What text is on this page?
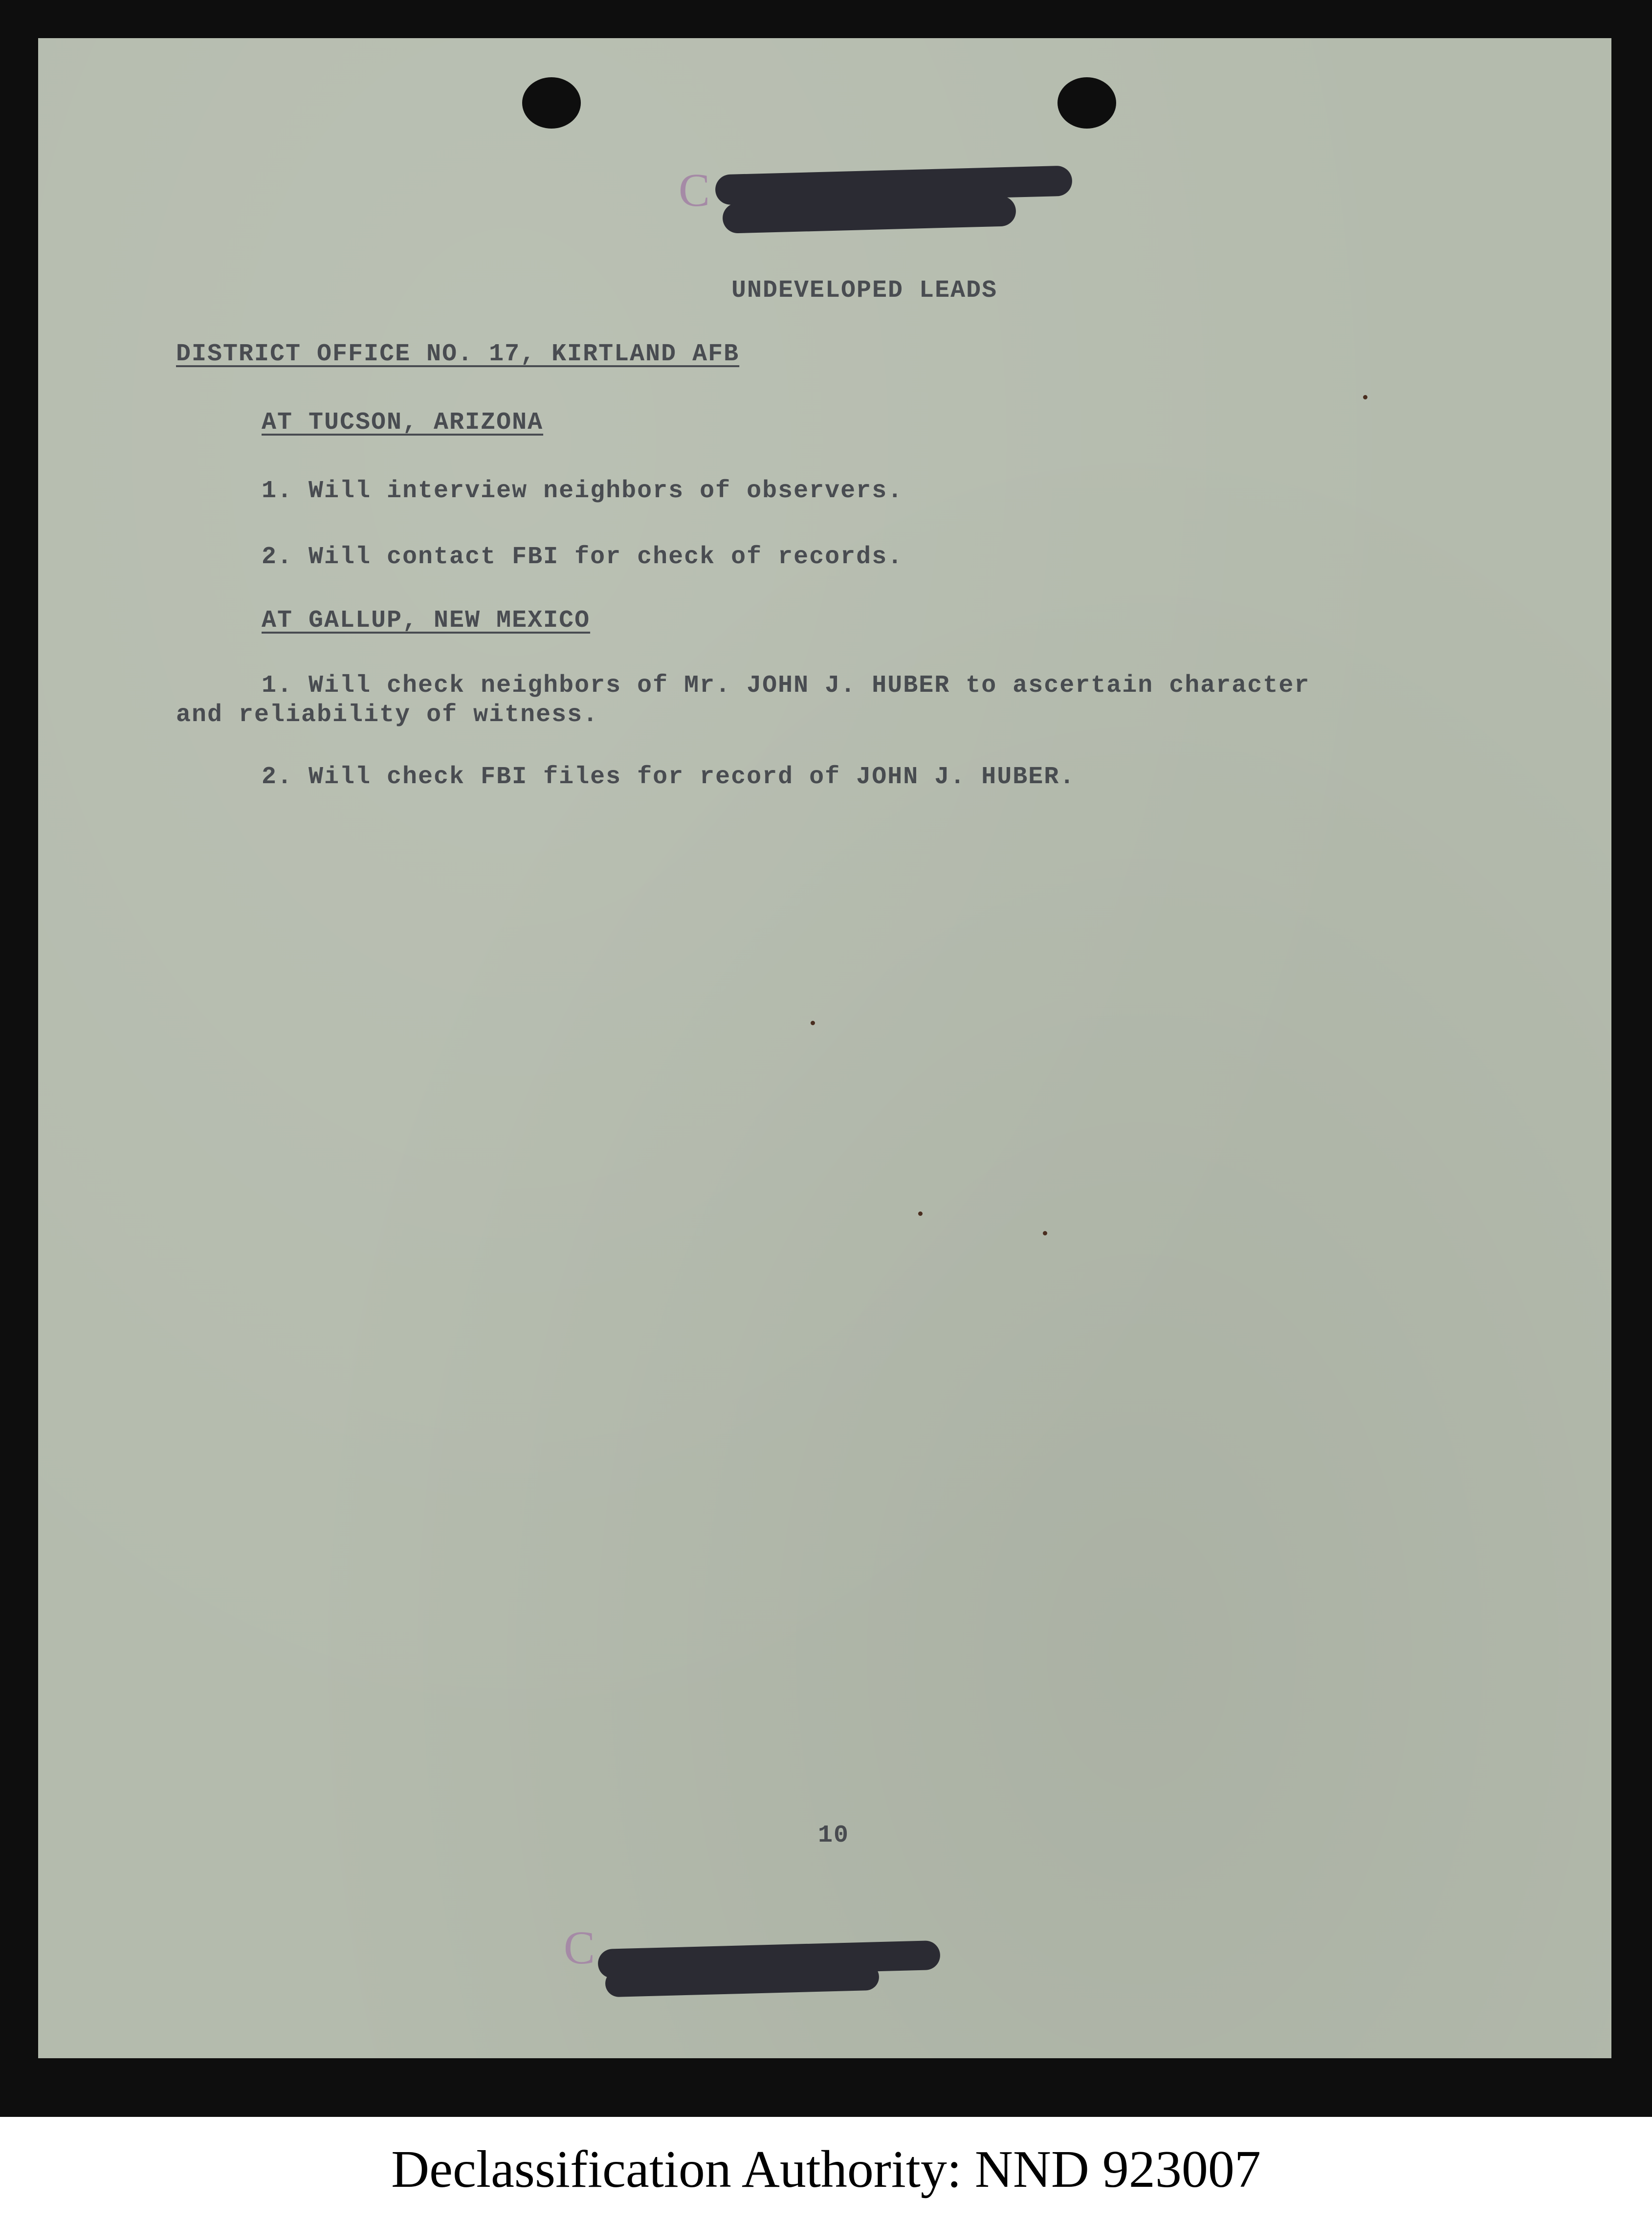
C
UNDEVELOPED LEADS
DISTRICT OFFICE NO. 17, KIRTLAND AFB
AT TUCSON, ARIZONA
1. Will interview neighbors of observers.
2. Will contact FBI for check of records.
AT GALLUP, NEW MEXICO
1. Will check neighbors of Mr. JOHN J. HUBER to ascertain character
and reliability of witness.
2. Will check FBI files for record of JOHN J. HUBER.
10
C
Declassification Authority: NND 923007
